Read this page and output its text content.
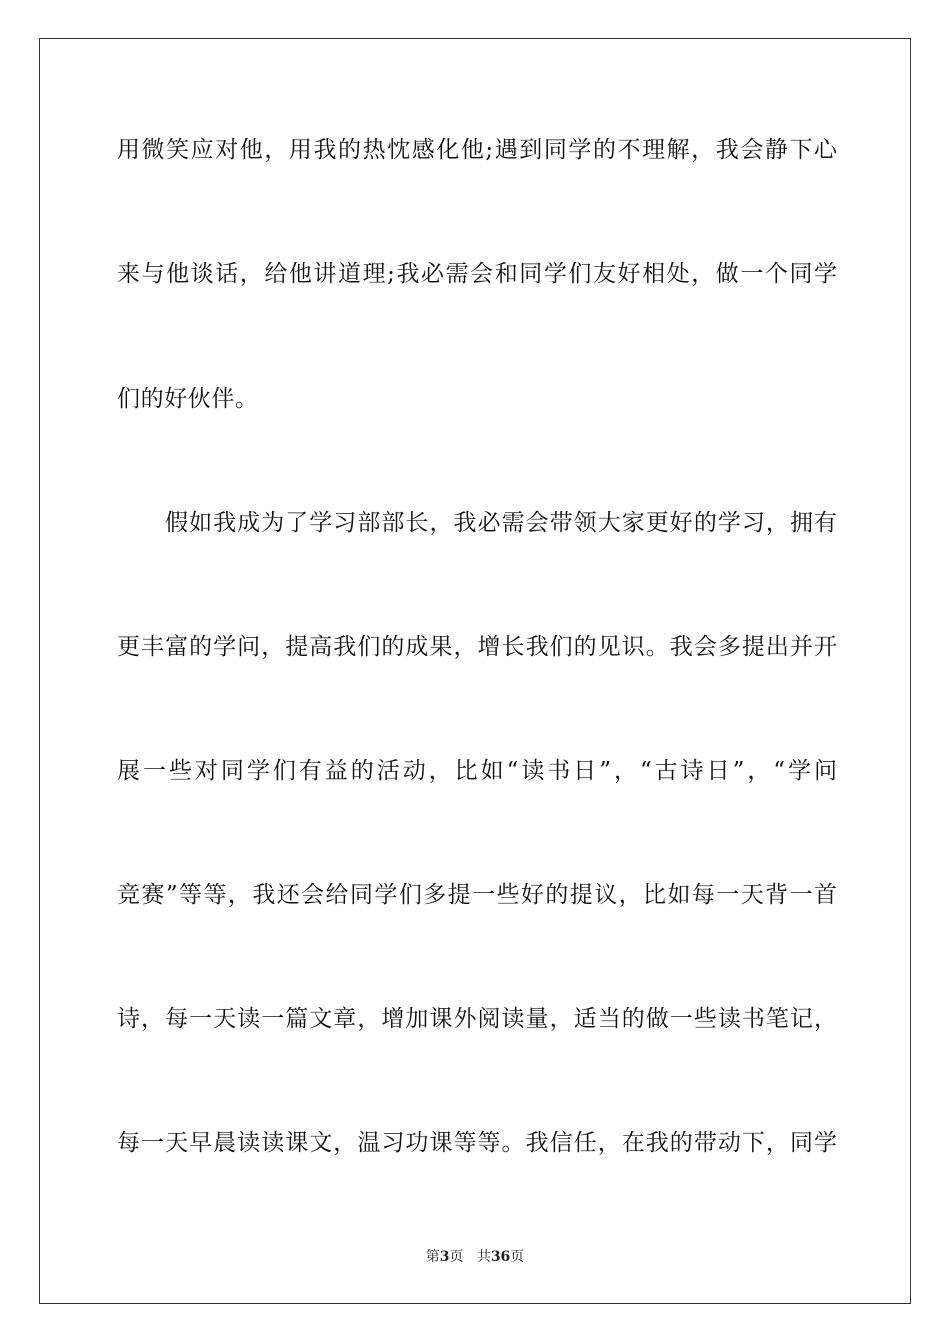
用微笑应对他，用我的热忱感化他;遇到同学的不理解，我会静下心
来与他谈话，给他讲道理;我必需会和同学们友好相处，做一个同学
们的好伙伴。
　　假如我成为了学习部部长，我必需会带领大家更好的学习，拥有
更丰富的学问，提高我们的成果，增长我们的见识。我会多提出并开
展一些对同学们有益的活动，比如“读书日”，“古诗日”，“学问
竞赛”等等，我还会给同学们多提一些好的提议，比如每一天背一首
诗，每一天读一篇文章，增加课外阅读量，适当的做一些读书笔记，
每一天早晨读读课文，温习功课等等。我信任，在我的带动下，同学
第3页 共36页
